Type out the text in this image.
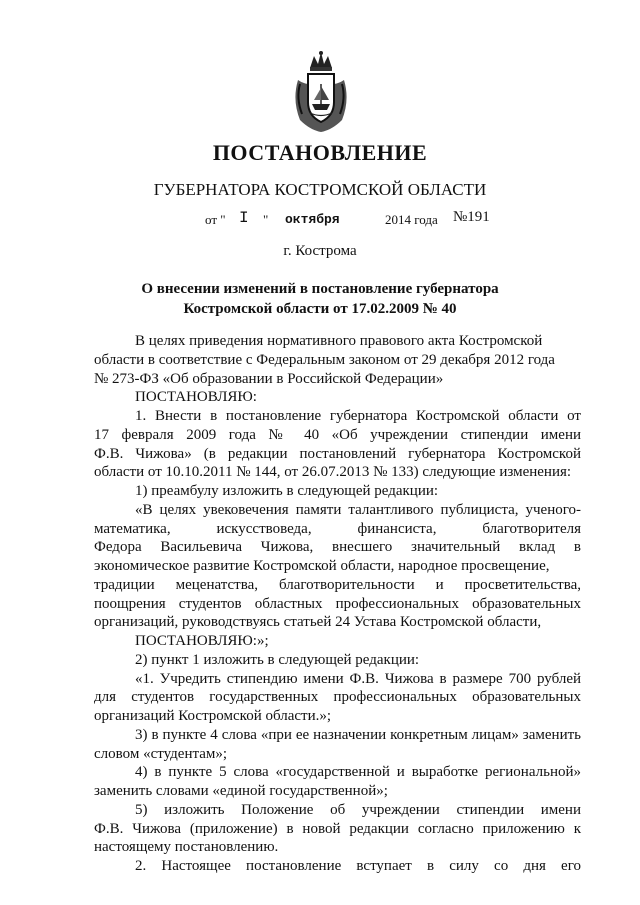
ПОСТАНОВЛЕНИЕ
ГУБЕРНАТОРА КОСТРОМСКОЙ ОБЛАСТИ
от " I " октября	2014 года №191
г. Кострома
О внесении изменений в постановление губернатора
Костромской области от 17.02.2009 № 40
В целях приведения нормативного правового акта Костромской
области в соответствие с Федеральным законом от 29 декабря 2012 года
№ 273-ФЗ «Об образовании в Российской Федерации»
ПОСТАНОВЛЯЮ:
1. Внести в постановление губернатора Костромской области от
17 февраля 2009 года № 40 «Об учреждении стипендии имени
Ф.В. Чижова» (в редакции постановлений губернатора Костромской
области от 10.10.2011 № 144, от 26.07.2013 № 133) следующие изменения:
1) преамбулу изложить в следующей редакции:
«В целях увековечения памяти талантливого публициста, ученого-
математика, искусствоведа, финансиста, благотворителя
Федора Васильевича Чижова, внесшего значительный вклад в
экономическое развитие Костромской области, народное просвещение,
традиции меценатства, благотворительности и просветительства,
поощрения студентов областных профессиональных образовательных
организаций, руководствуясь статьей 24 Устава Костромской области,
ПОСТАНОВЛЯЮ:»;
2) пункт 1 изложить в следующей редакции:
«1. Учредить стипендию имени Ф.В. Чижова в размере 700 рублей
для студентов государственных профессиональных образовательных
организаций Костромской области.»;
3) в пункте 4 слова «при ее назначении конкретным лицам» заменить
словом «студентам»;
4) в пункте 5 слова «государственной и выработке региональной»
заменить словами «единой государственной»;
5) изложить Положение об учреждении стипендии имени
Ф.В. Чижова (приложение) в новой редакции согласно приложению к
настоящему постановлению.
2. Настоящее постановление вступает в силу со дня его
